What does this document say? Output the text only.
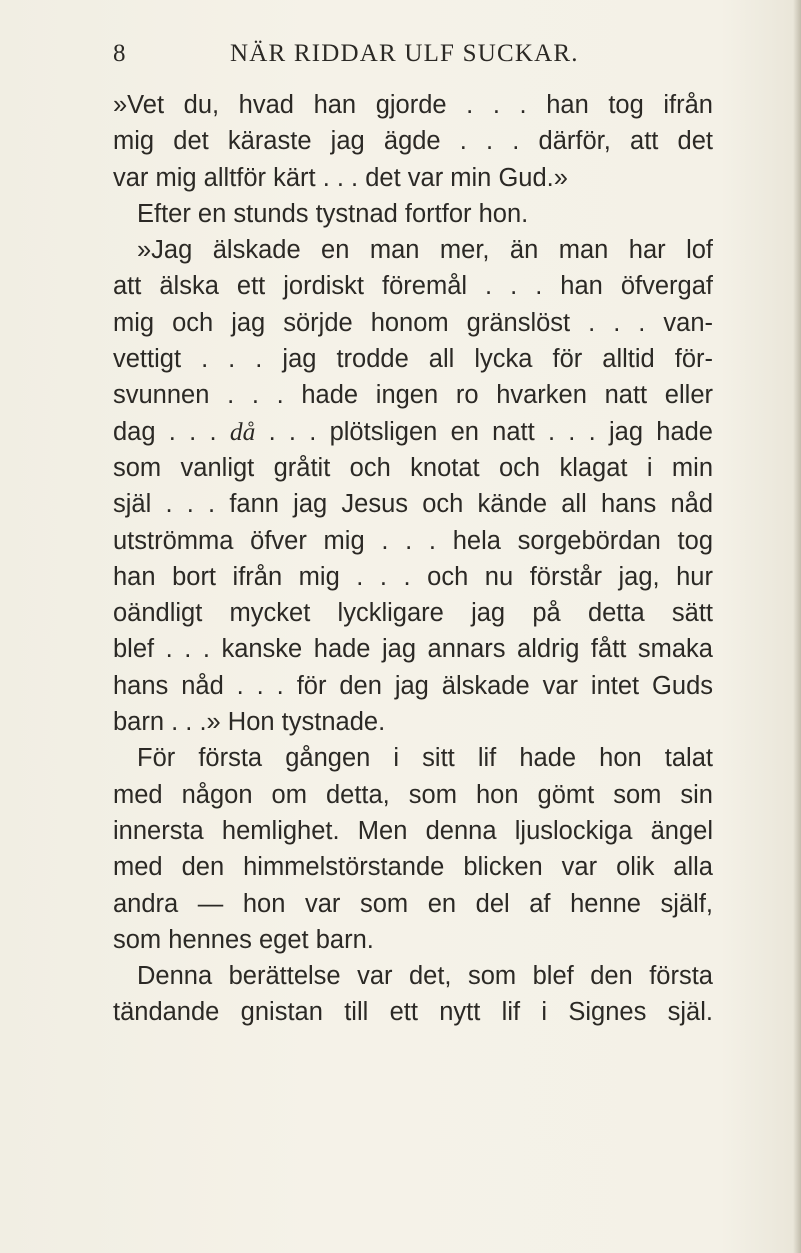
8	NÄR RIDDAR ULF SUCKAR.
»Vet du, hvad han gjorde . . . han tog ifrån
mig det käraste jag ägde . . . därför, att det
var mig alltför kärt . . . det var min Gud.»
Efter en stunds tystnad fortfor hon.
»Jag älskade en man mer, än man har lof
att älska ett jordiskt föremål . . . han öfvergaf
mig och jag sörjde honom gränslöst . . . van-
vettigt . . . jag trodde all lycka för alltid för-
svunnen . . . hade ingen ro hvarken natt eller
dag . . . då . . . plötsligen en natt . . . jag hade
som vanligt gråtit och knotat och klagat i min
själ . . . fann jag Jesus och kände all hans nåd
utströmma öfver mig . . . hela sorgebördan tog
han bort ifrån mig . . . och nu förstår jag, hur
oändligt mycket lyckligare jag på detta sätt
blef . . . kanske hade jag annars aldrig fått smaka
hans nåd . . . för den jag älskade var intet Guds
barn . . .» Hon tystnade.
För första gången i sitt lif hade hon talat
med någon om detta, som hon gömt som sin
innersta hemlighet. Men denna ljuslockiga ängel
med den himmelstörstande blicken var olik alla
andra — hon var som en del af henne själf,
som hennes eget barn.
Denna berättelse var det, som blef den första
tändande gnistan till ett nytt lif i Signes själ.
